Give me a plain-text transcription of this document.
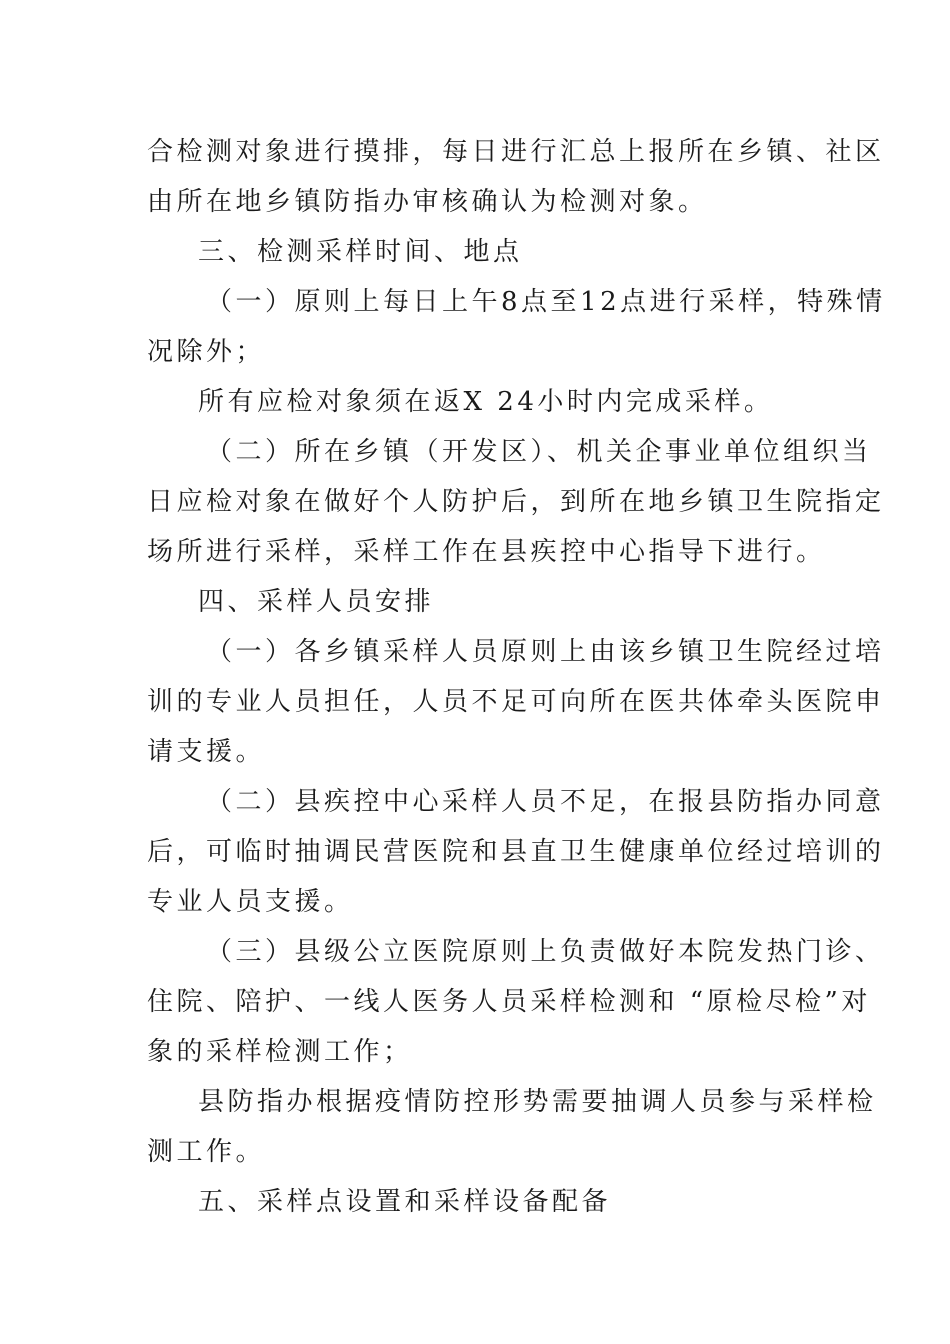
合检测对象进行摸排，每日进行汇总上报所在乡镇、社区
由所在地乡镇防指办审核确认为检测对象。
三、检测采样时间、地点
（一）原则上每日上午8点至12点进行采样，特殊情
况除外；
所有应检对象须在返X 24小时内完成采样。
（二）所在乡镇（开发区）、机关企事业单位组织当
日应检对象在做好个人防护后，到所在地乡镇卫生院指定
场所进行采样，采样工作在县疾控中心指导下进行。
四、采样人员安排
（一）各乡镇采样人员原则上由该乡镇卫生院经过培
训的专业人员担任，人员不足可向所在医共体牵头医院申
请支援。
（二）县疾控中心采样人员不足，在报县防指办同意
后，可临时抽调民营医院和县直卫生健康单位经过培训的
专业人员支援。
（三）县级公立医院原则上负责做好本院发热门诊、
住院、陪护、一线人医务人员采样检测和 “原检尽检”对
象的采样检测工作；
县防指办根据疫情防控形势需要抽调人员参与采样检
测工作。
五、采样点设置和采样设备配备
